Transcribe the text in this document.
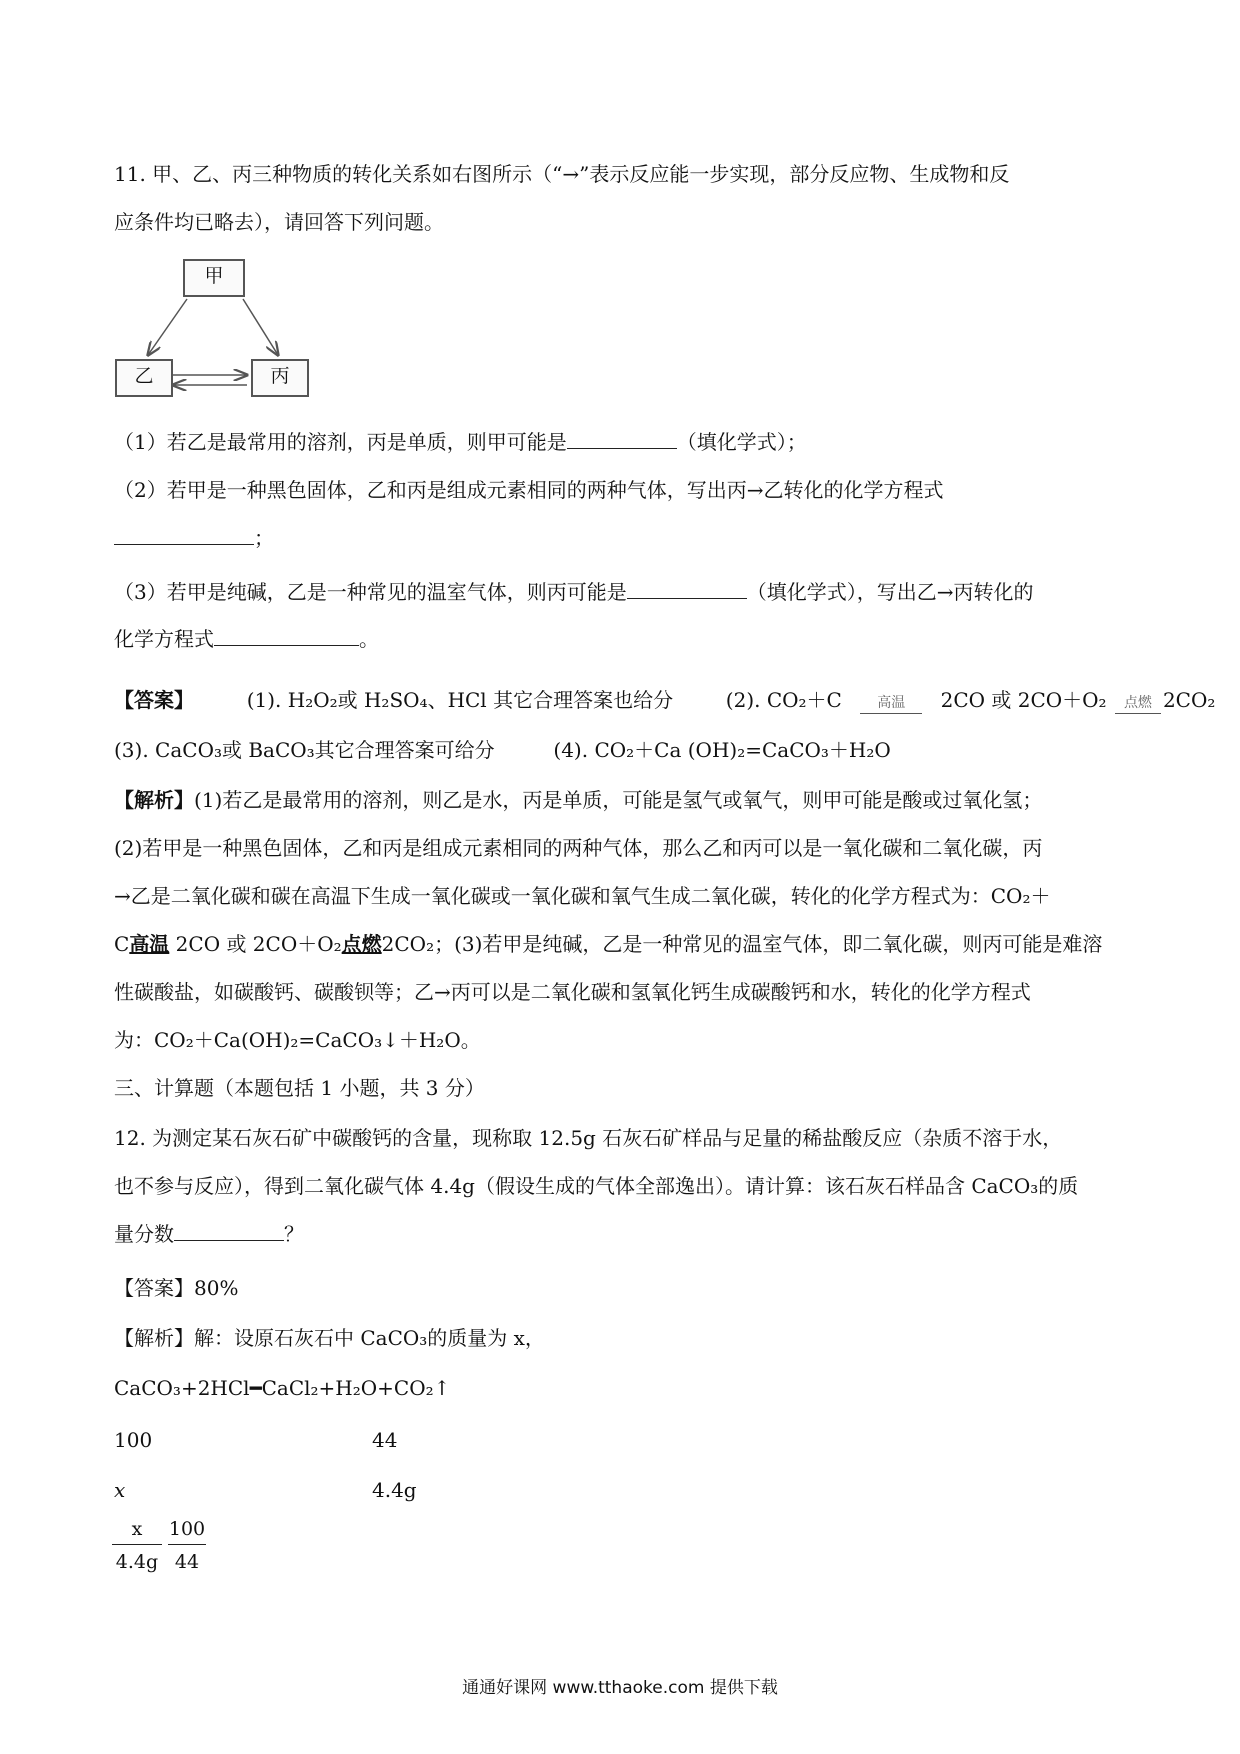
11. 甲、乙、丙三种物质的转化关系如右图所示（“→”表示反应能一步实现，部分反应物、生成物和反
应条件均已略去），请回答下列问题。
甲
乙	丙
（1）若乙是最常用的溶剂，丙是单质，则甲可能是	（填化学式）；
（2）若甲是一种黑色固体，乙和丙是组成元素相同的两种气体，写出丙→乙转化的化学方程式
；
（3）若甲是纯碱，乙是一种常见的温室气体，则丙可能是	（填化学式），写出乙→丙转化的
化学方程式	。
【答案】	(1). H₂O₂或 H₂SO₄、HCl 其它合理答案也给分	(2). CO₂＋C	高温 2CO 或 2CO＋O₂ 点燃 2CO₂
(3). CaCO₃或 BaCO₃其它合理答案可给分	(4). CO₂＋Ca (OH)₂=CaCO₃＋H₂O
【解析】(1)若乙是最常用的溶剂，则乙是水，丙是单质，可能是氢气或氧气，则甲可能是酸或过氧化氢；
(2)若甲是一种黑色固体，乙和丙是组成元素相同的两种气体，那么乙和丙可以是一氧化碳和二氧化碳，丙
→乙是二氧化碳和碳在高温下生成一氧化碳或一氧化碳和氧气生成二氧化碳，转化的化学方程式为：CO₂＋
C高温 2CO 或 2CO＋O₂点燃2CO₂；(3)若甲是纯碱，乙是一种常见的温室气体，即二氧化碳，则丙可能是难溶
性碳酸盐，如碳酸钙、碳酸钡等；乙→丙可以是二氧化碳和氢氧化钙生成碳酸钙和水，转化的化学方程式
为：CO₂＋Ca(OH)₂=CaCO₃↓＋H₂O。
三、计算题（本题包括 1 小题，共 3 分）
12. 为测定某石灰石矿中碳酸钙的含量，现称取 12.5g 石灰石矿样品与足量的稀盐酸反应（杂质不溶于水，
也不参与反应），得到二氧化碳气体 4.4g（假设生成的气体全部逸出）。请计算：该石灰石样品含 CaCO₃的质
量分数	？
【答案】80%
【解析】解：设原石灰石中 CaCO₃的质量为 x，
CaCO₃+2HCl━CaCl₂+H₂O+CO₂↑
100	44
x	4.4g
x
4.4g
100
44
通通好课网 www.tthaoke.com 提供下载
